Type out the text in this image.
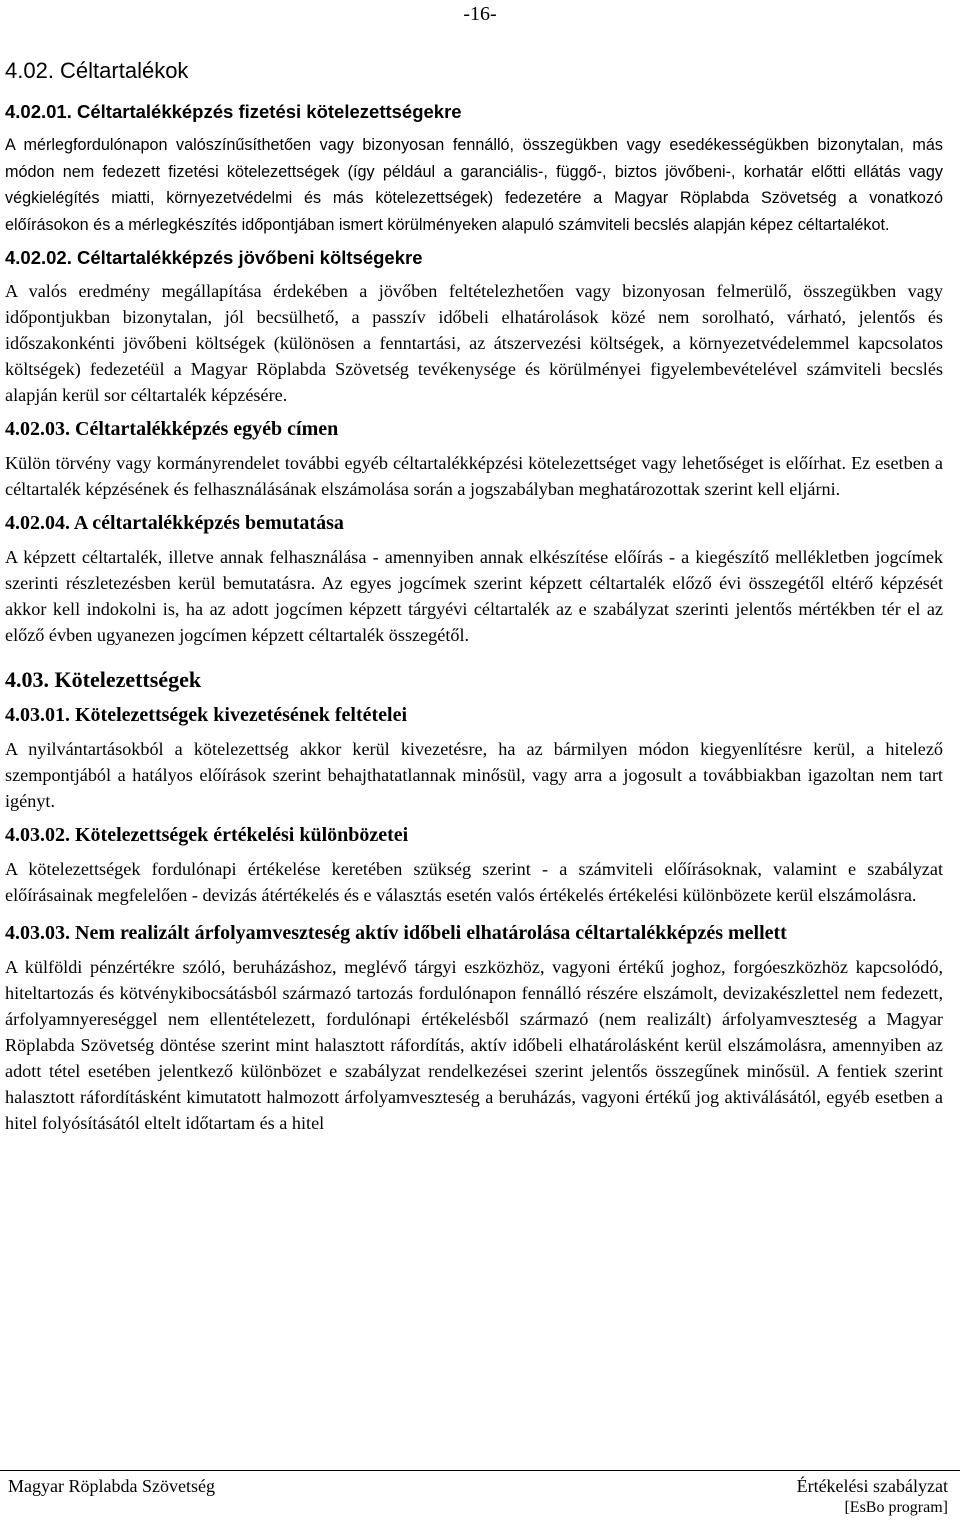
-16-
4.02. Céltartalékok
4.02.01. Céltartalékképzés fizetési kötelezettségekre

A mérlegfordulónapon valószínűsíthetően vagy bizonyosan fennálló, összegükben vagy esedékességükben bizonytalan, más módon nem fedezett fizetési kötelezettségek (így például a garanciális-, függő-, biztos jövőbeni-, korhatár előtti ellátás vagy végkielégítés miatti, környezetvédelmi és más kötelezettségek) fedezetére a Magyar Röplabda Szövetség a vonatkozó előírásokon és a mérlegkészítés időpontjában ismert körülményeken alapuló számviteli becslés alapján képez céltartalékot.

4.02.02. Céltartalékképzés jövőbeni költségekre

A valós eredmény megállapítása érdekében a jövőben feltételezhetően vagy bizonyosan felmerülő, összegükben vagy időpontjukban bizonytalan, jól becsülhető, a passzív időbeli elhatárolások közé nem sorolható, várható, jelentős és időszakonkénti jövőbeni költségek (különösen a fenntartási, az átszervezési költségek, a környezetvédelemmel kapcsolatos költségek) fedezetéül a Magyar Röplabda Szövetség tevékenysége és körülményei figyelembevételével számviteli becslés alapján kerül sor céltartalék képzésére.

4.02.03. Céltartalékképzés egyéb címen

Külön törvény vagy kormányrendelet további egyéb céltartalékképzési kötelezettséget vagy lehetőséget is előírhat. Ez esetben a céltartalék képzésének és felhasználásának elszámolása során a jogszabályban meghatározottak szerint kell eljárni.

4.02.04. A céltartalékképzés bemutatása

A képzett céltartalék, illetve annak felhasználása - amennyiben annak elkészítése előírás - a kiegészítő mellékletben jogcímek szerinti részletezésben kerül bemutatásra. Az egyes jogcímek szerint képzett céltartalék előző évi összegétől eltérő képzését akkor kell indokolni is, ha az adott jogcímen képzett tárgyévi céltartalék az e szabályzat szerinti jelentős mértékben tér el az előző évben ugyanezen jogcímen képzett céltartalék összegétől.

4.03. Kötelezettségek
4.03.01. Kötelezettségek kivezetésének feltételei

A nyilvántartásokból a kötelezettség akkor kerül kivezetésre, ha az bármilyen módon kiegyenlítésre kerül, a hitelező szempontjából a hatályos előírások szerint behajthatatlannak minősül, vagy arra a jogosult a továbbiakban igazoltan nem tart igényt.

4.03.02. Kötelezettségek értékelési különbözetei

A kötelezettségek fordulónapi értékelése keretében szükség szerint - a számviteli előírásoknak, valamint e szabályzat előírásainak megfelelően - devizás átértékelés és e választás esetén valós értékelés értékelési különbözete kerül elszámolásra.

4.03.03. Nem realizált árfolyamveszteség aktív időbeli elhatárolása céltartalékképzés mellett

A külföldi pénzértékre szóló, beruházáshoz, meglévő tárgyi eszközhöz, vagyoni értékű joghoz, forgóeszközhöz kapcsolódó, hiteltartozás és kötvénykibocsátásból származó tartozás fordulónapon fennálló részére elszámolt, devizakészlettel nem fedezett, árfolyamnyereséggel nem ellentételezett, fordulónapi értékelésből származó (nem realizált) árfolyamveszteség a Magyar Röplabda Szövetség döntése szerint mint halasztott ráfordítás, aktív időbeli elhatárolásként kerül elszámolásra, amennyiben az adott tétel esetében jelentkező különbözet e szabályzat rendelkezései szerint jelentős összegűnek minősül. A fentiek szerint halasztott ráfordításként kimutatott halmozott árfolyamveszteség a beruházás, vagyoni értékű jog aktiválásától, egyéb esetben a hitel folyósításától eltelt időtartam és a hitel

Magyar Röplabda Szövetség	Értékelési szabályzat
[EsBo program]
